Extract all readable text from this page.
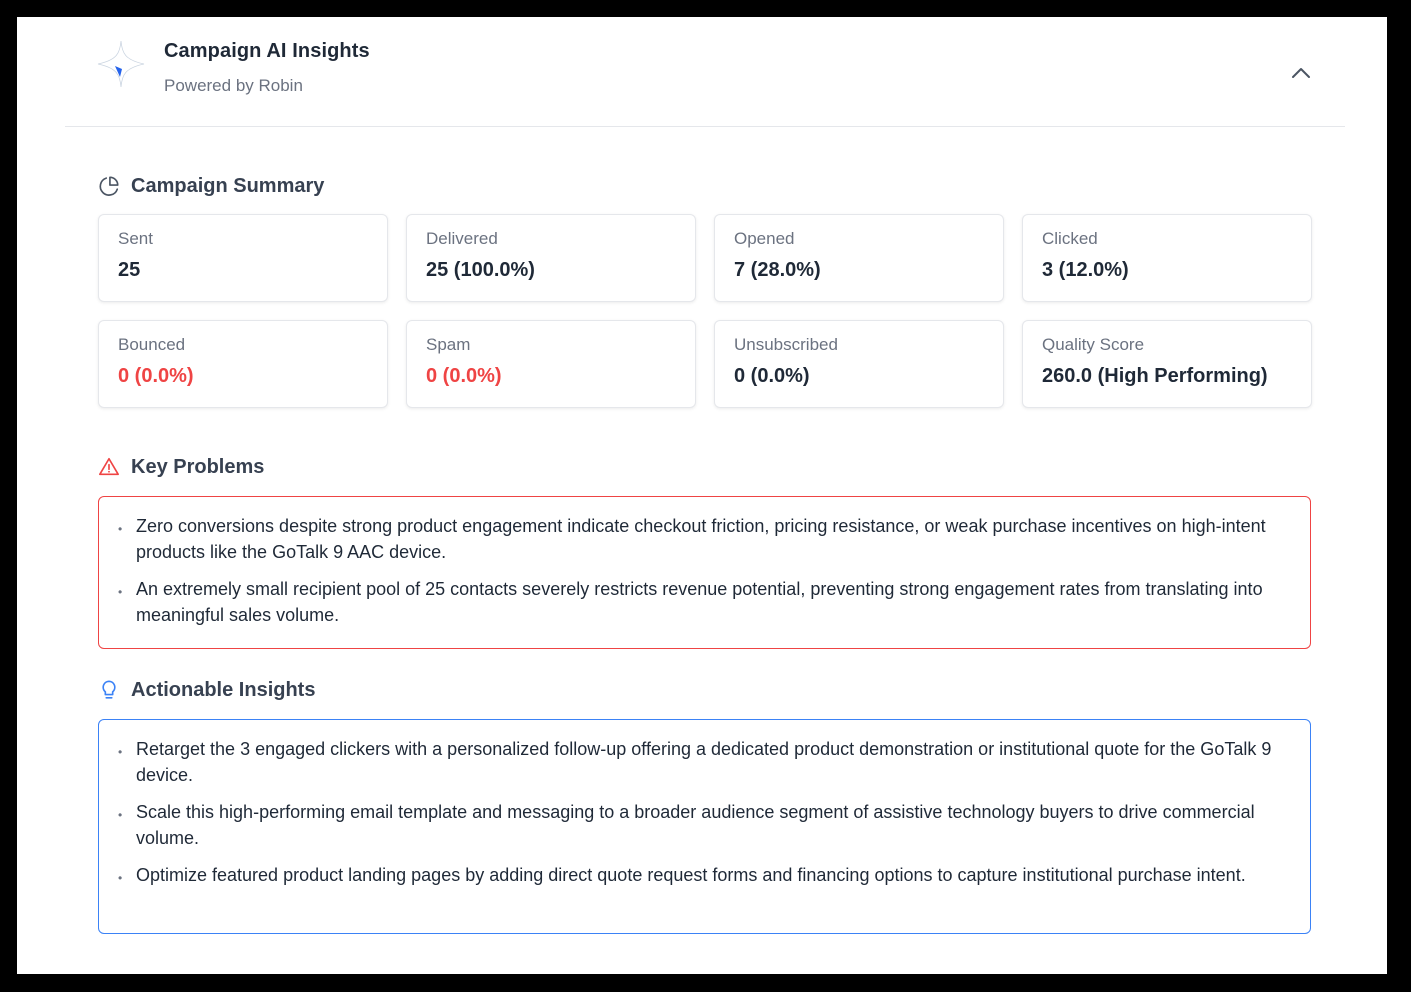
Campaign AI Insights
Powered by Robin
Campaign Summary
Sent
25
Delivered
25 (100.0%)
Opened
7 (28.0%)
Clicked
3 (12.0%)
Bounced
0 (0.0%)
Spam
0 (0.0%)
Unsubscribed
0 (0.0%)
Quality Score
260.0 (High Performing)
Key Problems
• Zero conversions despite strong product engagement indicate checkout friction, pricing resistance, or weak purchase incentives on high-intent products like the GoTalk 9 AAC device.
• An extremely small recipient pool of 25 contacts severely restricts revenue potential, preventing strong engagement rates from translating into meaningful sales volume.
Actionable Insights
• Retarget the 3 engaged clickers with a personalized follow-up offering a dedicated product demonstration or institutional quote for the GoTalk 9 device.
• Scale this high-performing email template and messaging to a broader audience segment of assistive technology buyers to drive commercial volume.
• Optimize featured product landing pages by adding direct quote request forms and financing options to capture institutional purchase intent.
